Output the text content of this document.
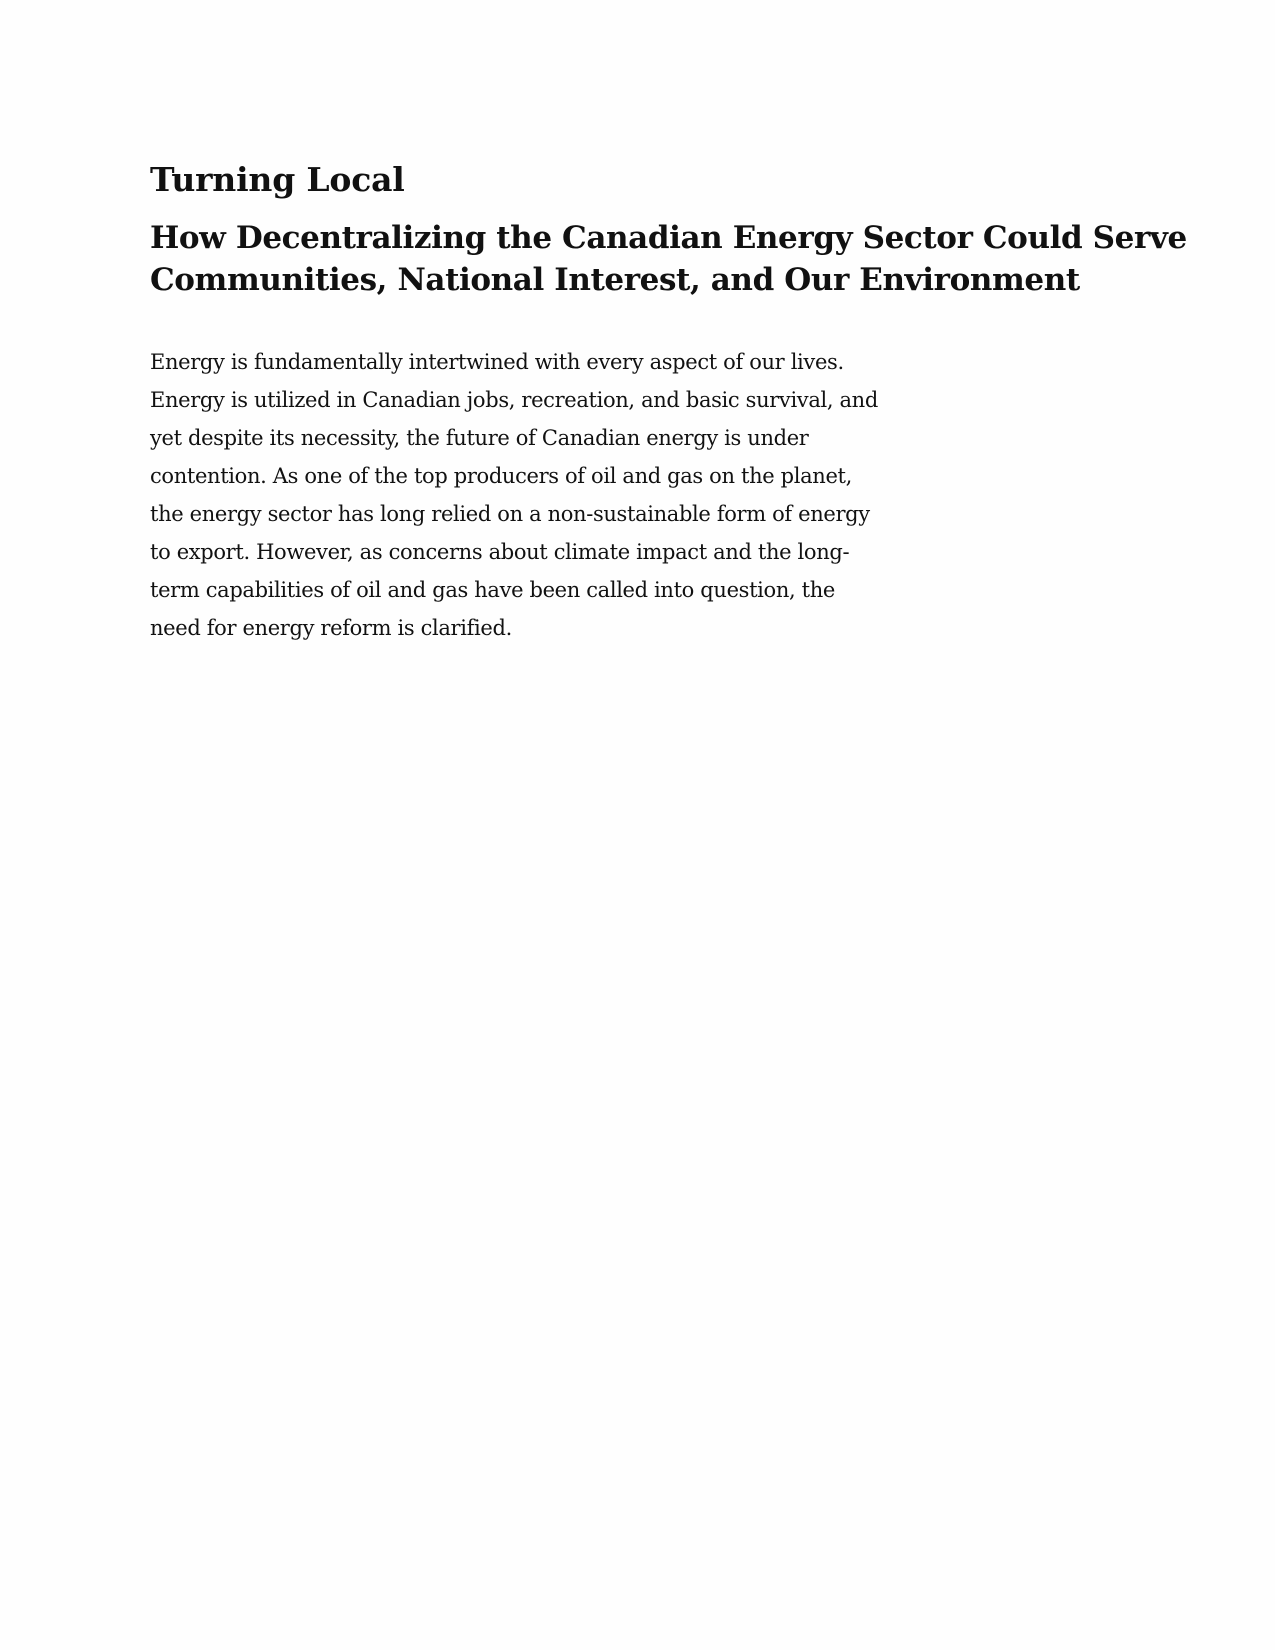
Turning Local
How Decentralizing the Canadian Energy Sector Could Serve Communities, National Interest, and Our Environment

Energy is fundamentally intertwined with every aspect of our lives. Energy is utilized in Canadian jobs, recreation, and basic survival, and yet despite its necessity, the future of Canadian energy is under contention. As one of the top producers of oil and gas on the planet, the energy sector has long relied on a non-sustainable form of energy to export. However, as concerns about climate impact and the long-term capabilities of oil and gas have been called into question, the need for energy reform is clarified.
